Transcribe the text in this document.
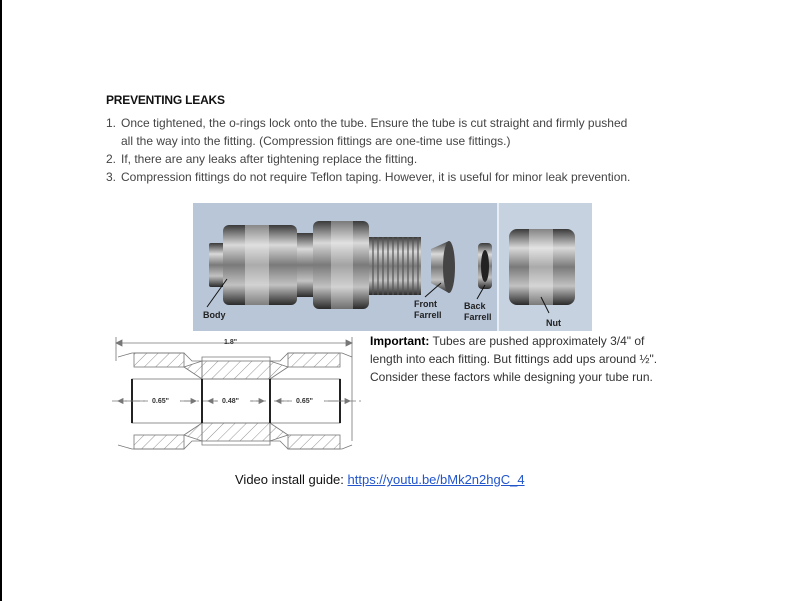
PREVENTING LEAKS
1. Once tightened, the o-rings lock onto the tube. Ensure the tube is cut straight and firmly pushed
all the way into the fitting. (Compression fittings are one-time use fittings.)
2. If, there are any leaks after tightening replace the fitting.
3. Compression fittings do not require Teflon taping. However, it is useful for minor leak prevention.
Body
Front
Farrell
Back
Farrell
Nut
1.8"
0.65"	0.48"	0.65"
Important: Tubes are pushed approximately 3/4" of length into each fitting. But fittings add ups around ½". Consider these factors while designing your tube run.
Video install guide: https://youtu.be/bMk2n2hgC_4
